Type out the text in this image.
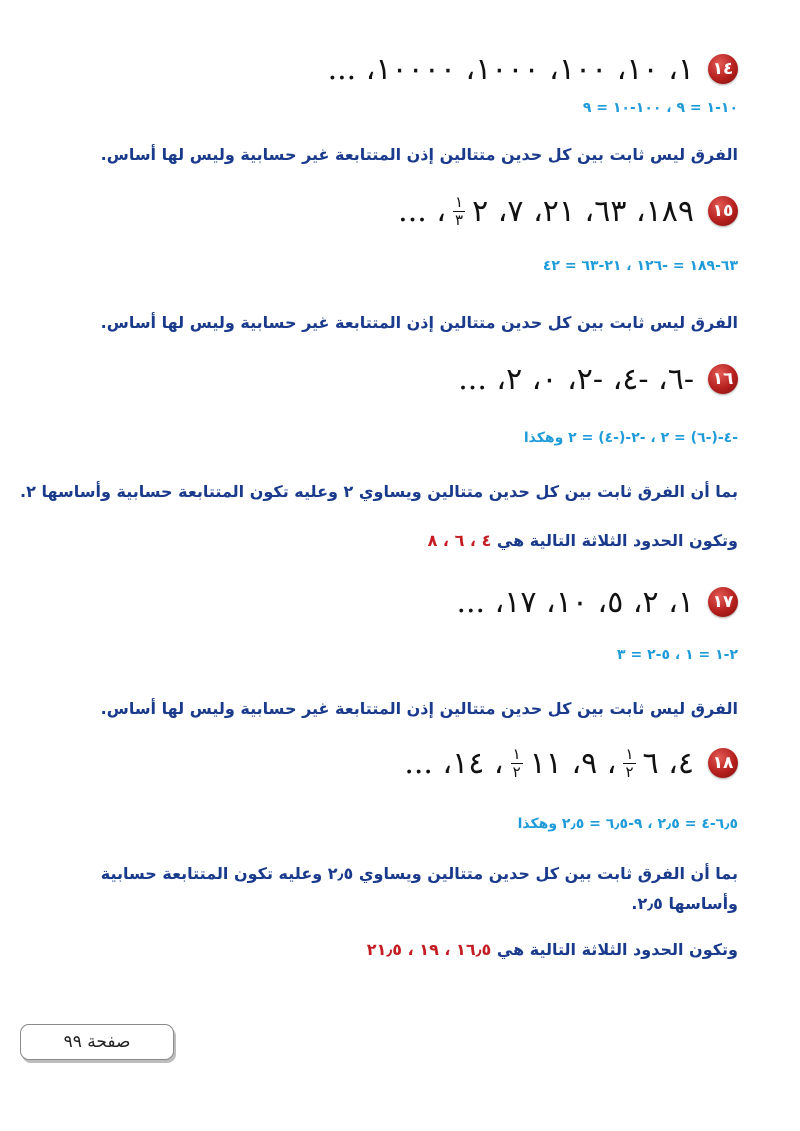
١٤
١، ١٠، ١٠٠، ١٠٠٠، ١٠٠٠٠، ...
١٠-١ = ٩ ، ١٠٠-١٠ = ٩
الفرق ليس ثابت بين كل حدين متتالين إذن المتتابعة غير حسابية وليس لها أساس.
١٥
١٨٩، ٦٣، ٢١، ٧، ٢
$\frac{١}{٣}$
، ...
٦٣-١٨٩ = -١٢٦ ، ٢١-٦٣ = ٤٢
الفرق ليس ثابت بين كل حدين متتالين إذن المتتابعة غير حسابية وليس لها أساس.
١٦
-٦، -٤، -٢، ٠، ٢، ...
-٤-(-٦) = ٢ ، -٢-(-٤) = ٢ وهكذا
بما أن الفرق ثابت بين كل حدين متتالين ويساوي ٢ وعليه تكون المتتابعة حسابية وأساسها ٢.
وتكون الحدود الثلاثة التالية هي ٤ ، ٦ ، ٨
١٧
١، ٢، ٥، ١٠، ١٧، ...
٢-١ = ١ ، ٥-٢ = ٣
الفرق ليس ثابت بين كل حدين متتالين إذن المتتابعة غير حسابية وليس لها أساس.
١٨
٤، ٦
$\frac{١}{٢}$
، ٩، ١١
$\frac{١}{٢}$
، ١٤، ...
٦٫٥-٤ = ٢٫٥ ، ٩-٦٫٥ = ٢٫٥ وهكذا
بما أن الفرق ثابت بين كل حدين متتالين ويساوي ٢٫٥ وعليه تكون المتتابعة حسابية
وأساسها ٢٫٥.
وتكون الحدود الثلاثة التالية هي ١٦٫٥ ، ١٩ ، ٢١٫٥
صفحة ٩٩
